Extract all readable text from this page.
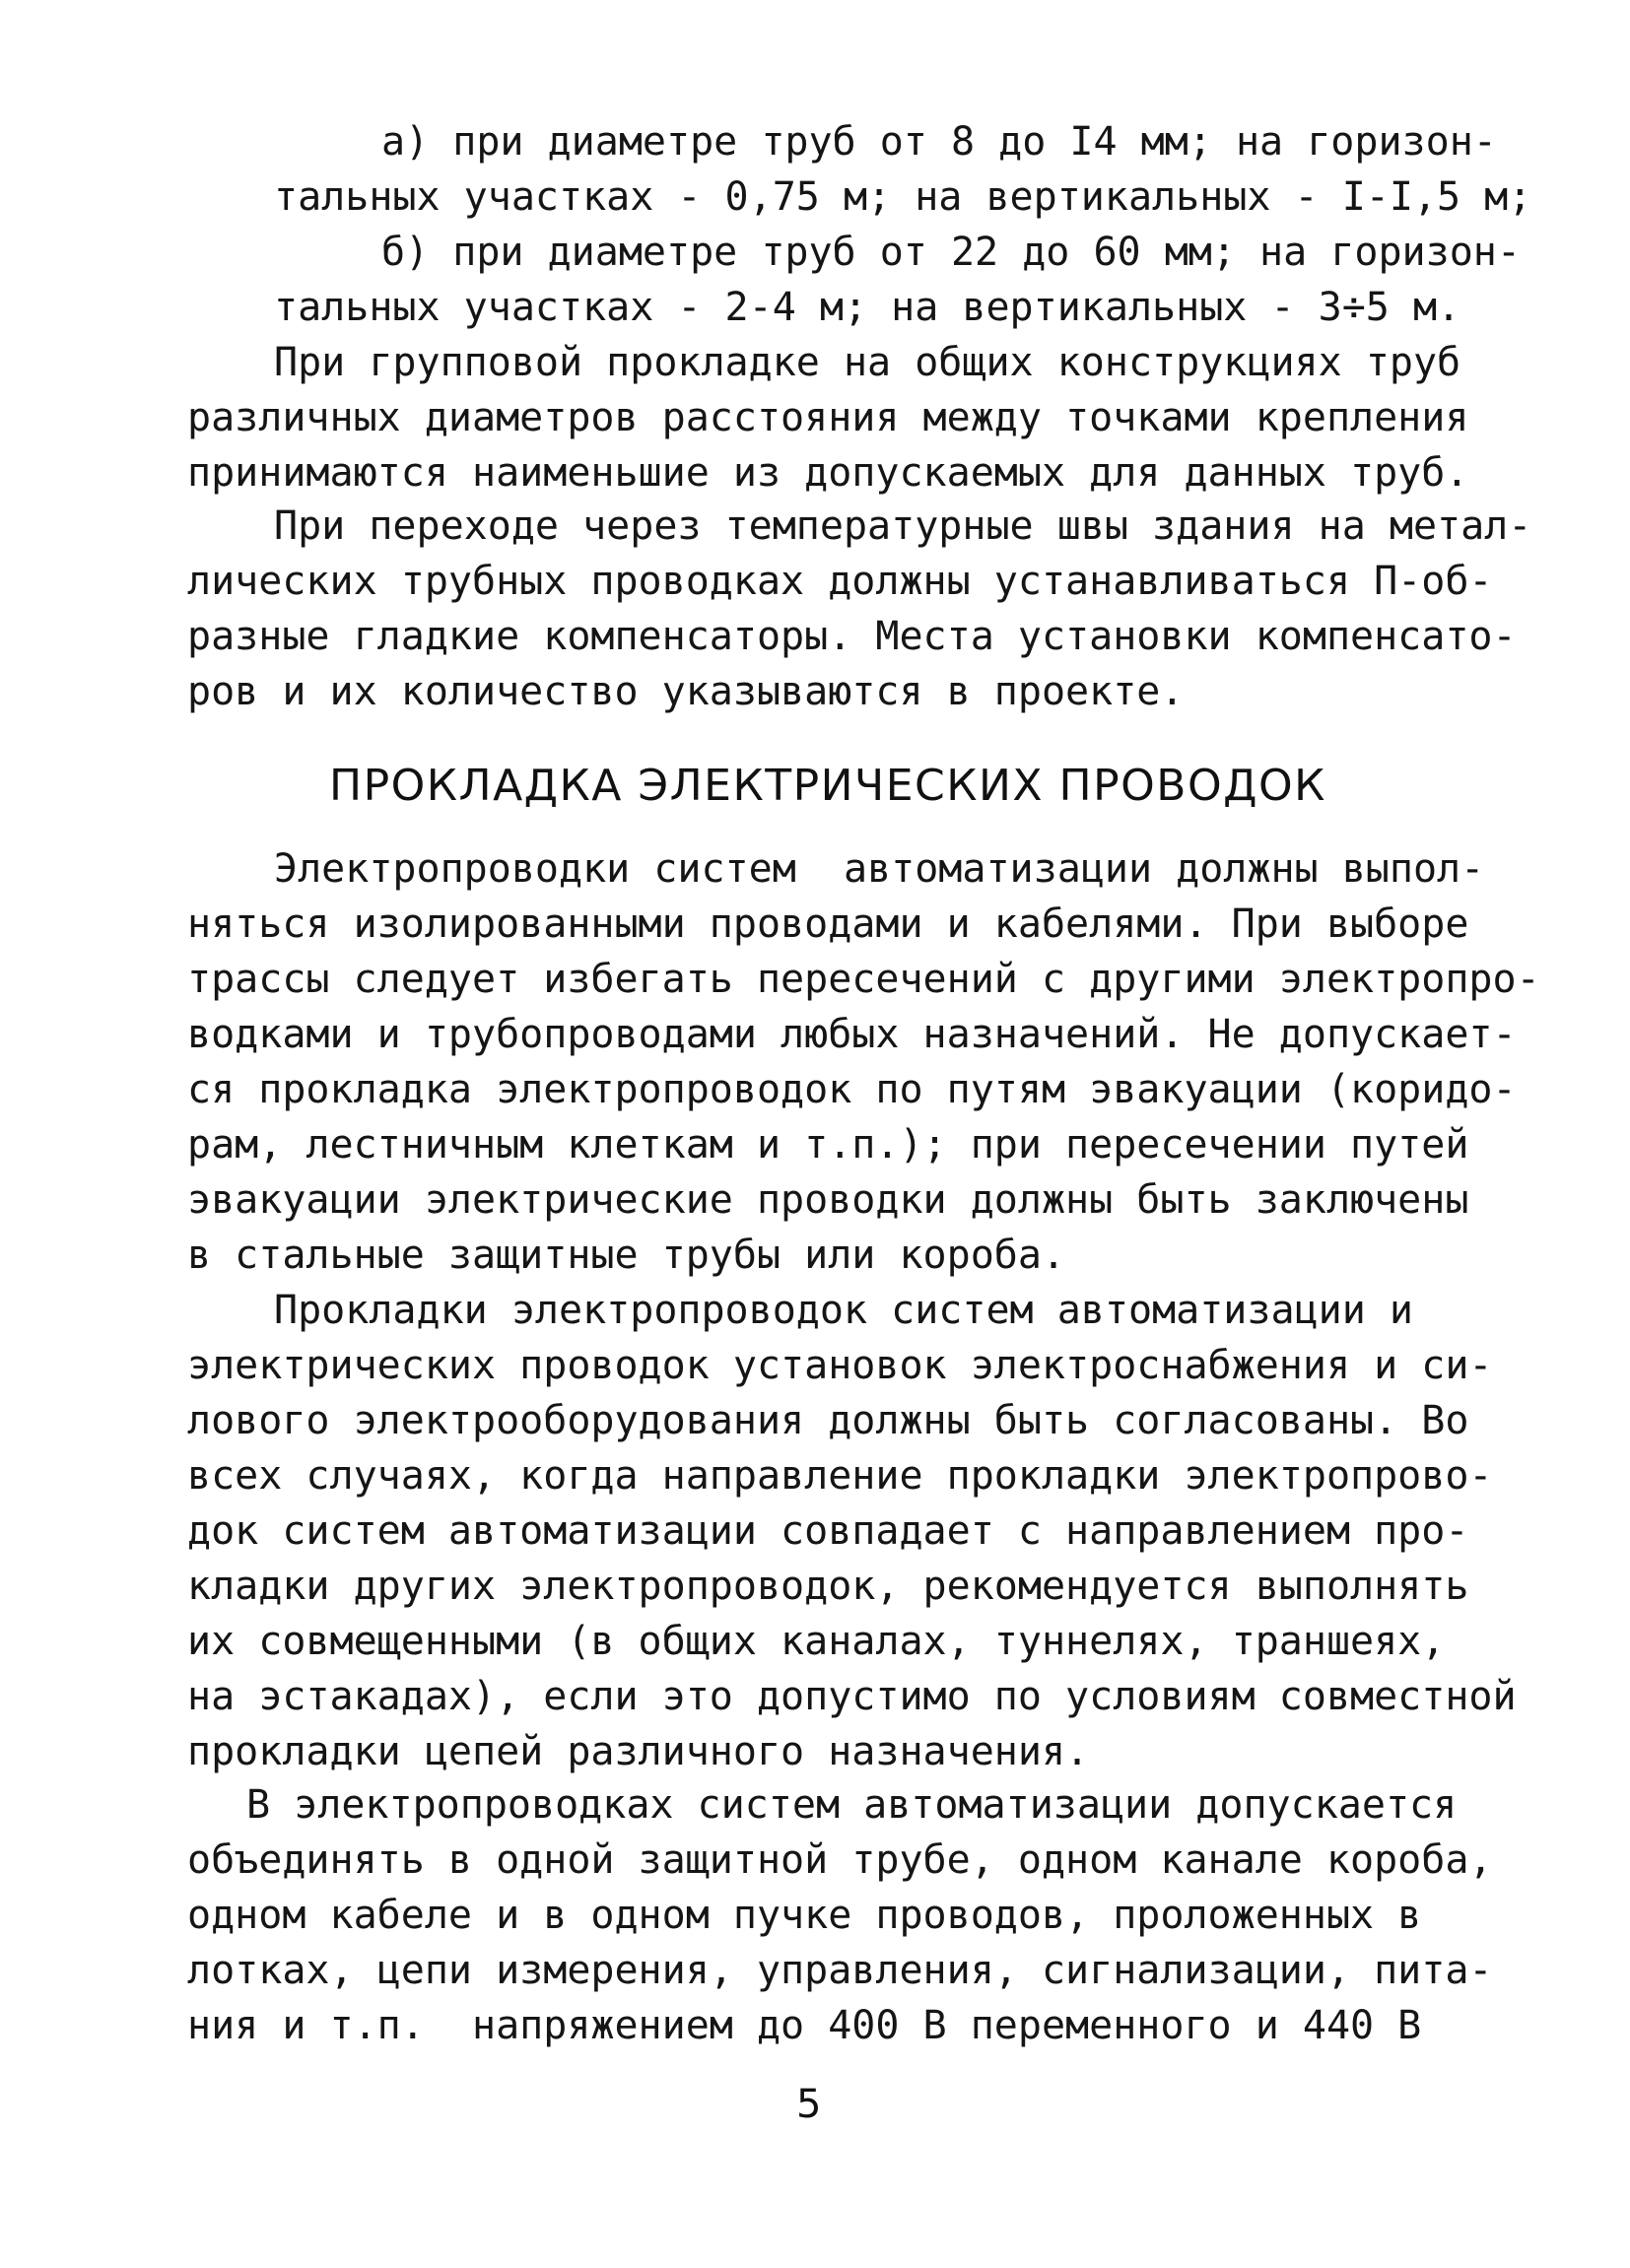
а) при диаметре труб от 8 до I4 мм; на горизон-
тальных участках - 0,75 м; на вертикальных - I-I,5 м;
б) при диаметре труб от 22 до 60 мм; на горизон-
тальных участках - 2-4 м; на вертикальных - 3÷5 м.
При групповой прокладке на общих конструкциях труб
различных диаметров расстояния между точками крепления
принимаются наименьшие из допускаемых для данных труб.
При переходе через температурные швы здания на метал-
лических трубных проводках должны устанавливаться П-об-
разные гладкие компенсаторы. Места установки компенсато-
ров и их количество указываются в проекте.
ПРОКЛАДКА ЭЛЕКТРИЧЕСКИХ ПРОВОДОК
Электропроводки систем  автоматизации должны выпол-
няться изолированными проводами и кабелями. При выборе
трассы следует избегать пересечений с другими электропро-
водками и трубопроводами любых назначений. Не допускает-
ся прокладка электропроводок по путям эвакуации (коридо-
рам, лестничным клеткам и т.п.); при пересечении путей
эвакуации электрические проводки должны быть заключены
в стальные защитные трубы или короба.
Прокладки электропроводок систем автоматизации и
электрических проводок установок электроснабжения и си-
лового электрооборудования должны быть согласованы. Во
всех случаях, когда направление прокладки электропрово-
док систем автоматизации совпадает с направлением про-
кладки других электропроводок, рекомендуется выполнять
их совмещенными (в общих каналах, туннелях, траншеях,
на эстакадах), если это допустимо по условиям совместной
прокладки цепей различного назначения.
В электропроводках систем автоматизации допускается
объединять в одной защитной трубе, одном канале короба,
одном кабеле и в одном пучке проводов, проложенных в
лотках, цепи измерения, управления, сигнализации, пита-
ния и т.п.  напряжением до 400 В переменного и 440 В
5
